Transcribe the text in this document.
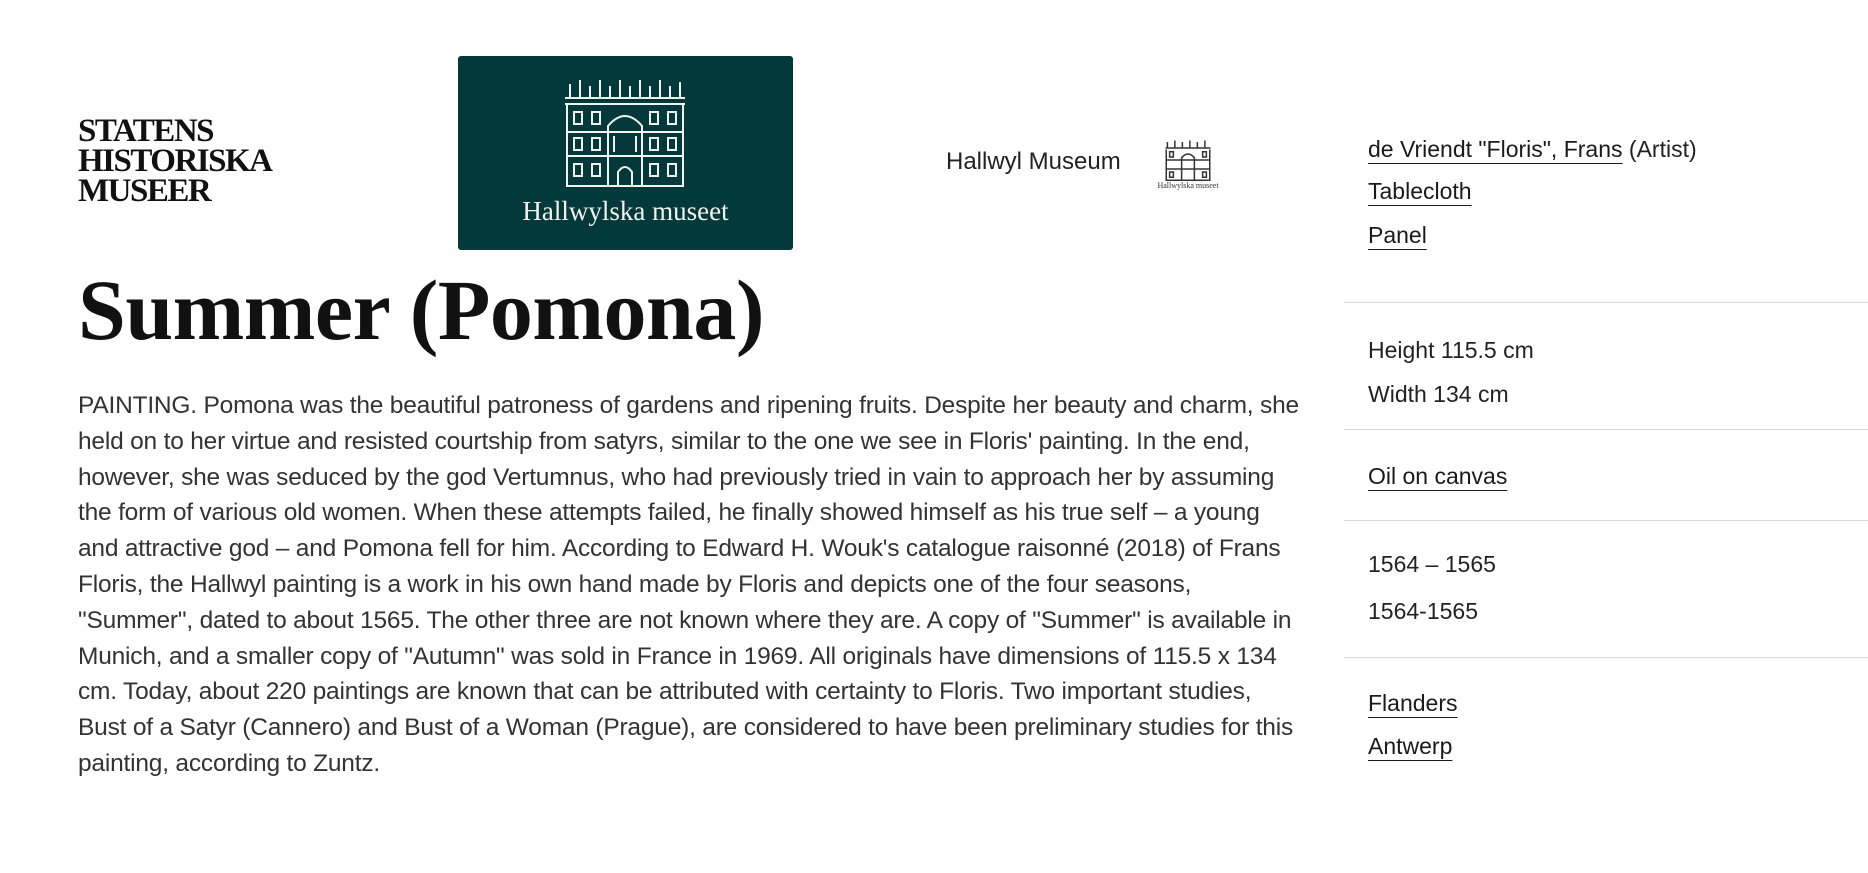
STATENS
HISTORISKA
MUSEER
Hallwylska museet
Hallwyl Museum
Hallwylska museet
Summer (Pomona)

PAINTING. Pomona was the beautiful patroness of gardens and ripening fruits. Despite her beauty and charm, she held on to her virtue and resisted courtship from satyrs, similar to the one we see in Floris' painting. In the end, however, she was seduced by the god Vertumnus, who had previously tried in vain to approach her by assuming the form of various old women. When these attempts failed, he finally showed himself as his true self – a young and attractive god – and Pomona fell for him. According to Edward H. Wouk's catalogue raisonné (2018) of Frans Floris, the Hallwyl painting is a work in his own hand made by Floris and depicts one of the four seasons, "Summer", dated to about 1565. The other three are not known where they are. A copy of "Summer" is available in Munich, and a smaller copy of "Autumn" was sold in France in 1969. All originals have dimensions of 115.5 x 134 cm. Today, about 220 paintings are known that can be attributed with certainty to Floris. Two important studies, Bust of a Satyr (Cannero) and Bust of a Woman (Prague), are considered to have been preliminary studies for this painting, according to Zuntz.

de Vriendt "Floris", Frans (Artist)
Tablecloth
Panel
Height 115.5 cm
Width 134 cm
Oil on canvas
1564 – 1565
1564-1565
Flanders
Antwerp
